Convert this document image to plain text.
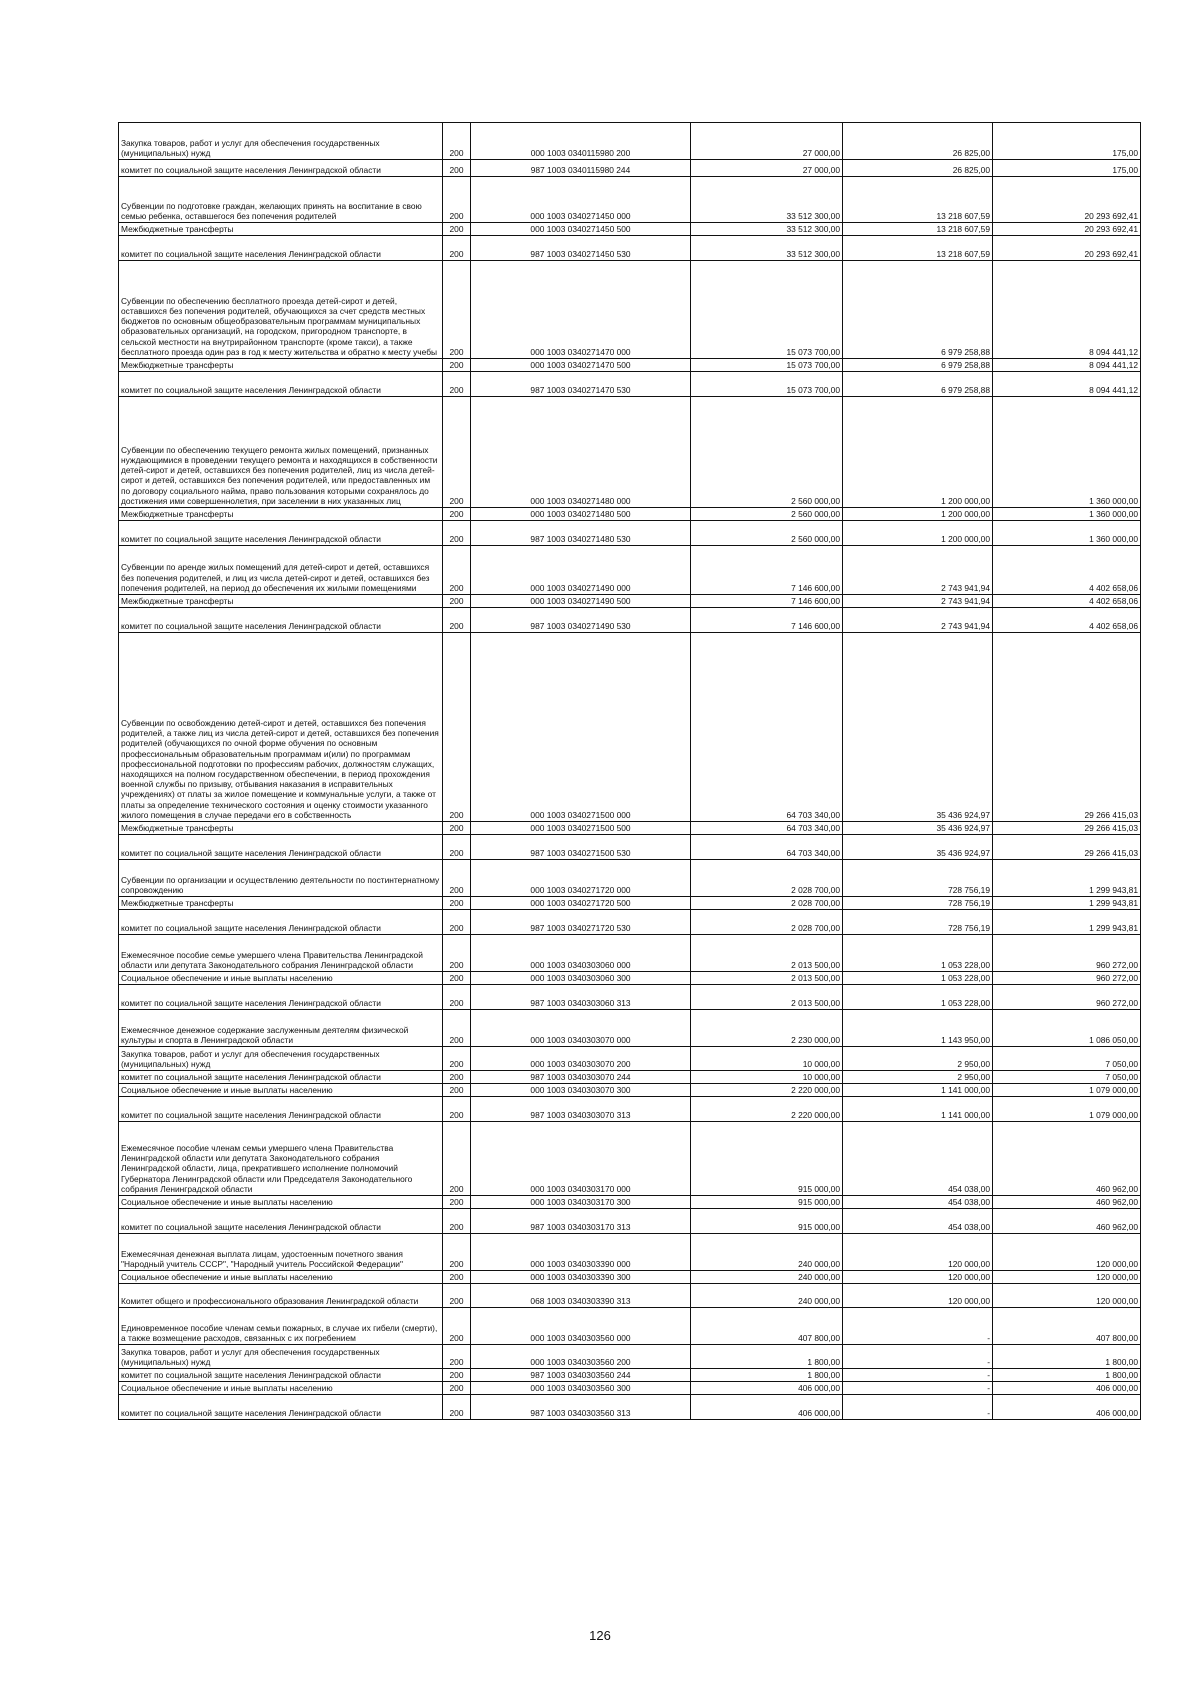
Закупка товаров, работ и услуг для обеспечения государственных (муниципальных) нужд	200	000 1003 0340115980 200	27 000,00	26 825,00	175,00
комитет по социальной защите населения Ленинградской области	200	987 1003 0340115980 244	27 000,00	26 825,00	175,00
Субвенции по подготовке граждан, желающих принять на воспитание в свою семью ребенка, оставшегося без попечения родителей	200	000 1003 0340271450 000	33 512 300,00	13 218 607,59	20 293 692,41
Межбюджетные трансферты	200	000 1003 0340271450 500	33 512 300,00	13 218 607,59	20 293 692,41
комитет по социальной защите населения Ленинградской области	200	987 1003 0340271450 530	33 512 300,00	13 218 607,59	20 293 692,41
Субвенции по обеспечению бесплатного проезда детей-сирот и детей, оставшихся без попечения родителей, обучающихся за счет средств местных бюджетов по основным общеобразовательным программам муниципальных образовательных организаций, на городском, пригородном транспорте, в сельской местности на внутрирайонном транспорте (кроме такси), а также бесплатного проезда один раз в год к месту жительства и обратно к месту учебы	200	000 1003 0340271470 000	15 073 700,00	6 979 258,88	8 094 441,12
Межбюджетные трансферты	200	000 1003 0340271470 500	15 073 700,00	6 979 258,88	8 094 441,12
комитет по социальной защите населения Ленинградской области	200	987 1003 0340271470 530	15 073 700,00	6 979 258,88	8 094 441,12
Субвенции по обеспечению текущего ремонта жилых помещений, признанных нуждающимися в проведении текущего ремонта и находящихся в собственности детей-сирот и детей, оставшихся без попечения родителей, лиц из числа детей-сирот и детей, оставшихся без попечения родителей, или предоставленных им по договору социального найма, право пользования которыми сохранялось до достижения ими совершеннолетия, при заселении в них указанных лиц	200	000 1003 0340271480 000	2 560 000,00	1 200 000,00	1 360 000,00
Межбюджетные трансферты	200	000 1003 0340271480 500	2 560 000,00	1 200 000,00	1 360 000,00
комитет по социальной защите населения Ленинградской области	200	987 1003 0340271480 530	2 560 000,00	1 200 000,00	1 360 000,00
Субвенции по аренде жилых помещений для детей-сирот и детей, оставшихся без попечения родителей, и лиц из числа детей-сирот и детей, оставшихся без попечения родителей, на период до обеспечения их жилыми помещениями	200	000 1003 0340271490 000	7 146 600,00	2 743 941,94	4 402 658,06
Межбюджетные трансферты	200	000 1003 0340271490 500	7 146 600,00	2 743 941,94	4 402 658,06
комитет по социальной защите населения Ленинградской области	200	987 1003 0340271490 530	7 146 600,00	2 743 941,94	4 402 658,06
Субвенции по освобождению детей-сирот и детей, оставшихся без попечения родителей, а также лиц из числа детей-сирот и детей, оставшихся без попечения родителей (обучающихся по очной форме обучения по основным профессиональным образовательным программам и(или) по программам профессиональной подготовки по профессиям рабочих, должностям служащих, находящихся на полном государственном обеспечении, в период прохождения военной службы по призыву, отбывания наказания в исправительных учреждениях) от платы за жилое помещение и коммунальные услуги, а также от платы за определение технического состояния и оценку стоимости указанного жилого помещения в случае передачи его в собственность	200	000 1003 0340271500 000	64 703 340,00	35 436 924,97	29 266 415,03
Межбюджетные трансферты	200	000 1003 0340271500 500	64 703 340,00	35 436 924,97	29 266 415,03
комитет по социальной защите населения Ленинградской области	200	987 1003 0340271500 530	64 703 340,00	35 436 924,97	29 266 415,03
Субвенции по организации и осуществлению деятельности по постинтернатному сопровождению	200	000 1003 0340271720 000	2 028 700,00	728 756,19	1 299 943,81
Межбюджетные трансферты	200	000 1003 0340271720 500	2 028 700,00	728 756,19	1 299 943,81
комитет по социальной защите населения Ленинградской области	200	987 1003 0340271720 530	2 028 700,00	728 756,19	1 299 943,81
Ежемесячное пособие семье умершего члена Правительства Ленинградской области или депутата Законодательного собрания Ленинградской области	200	000 1003 0340303060 000	2 013 500,00	1 053 228,00	960 272,00
Социальное обеспечение и иные выплаты населению	200	000 1003 0340303060 300	2 013 500,00	1 053 228,00	960 272,00
комитет по социальной защите населения Ленинградской области	200	987 1003 0340303060 313	2 013 500,00	1 053 228,00	960 272,00
Ежемесячное денежное содержание заслуженным деятелям физической культуры и спорта в Ленинградской области	200	000 1003 0340303070 000	2 230 000,00	1 143 950,00	1 086 050,00
Закупка товаров, работ и услуг для обеспечения государственных (муниципальных) нужд	200	000 1003 0340303070 200	10 000,00	2 950,00	7 050,00
комитет по социальной защите населения Ленинградской области	200	987 1003 0340303070 244	10 000,00	2 950,00	7 050,00
Социальное обеспечение и иные выплаты населению	200	000 1003 0340303070 300	2 220 000,00	1 141 000,00	1 079 000,00
комитет по социальной защите населения Ленинградской области	200	987 1003 0340303070 313	2 220 000,00	1 141 000,00	1 079 000,00
Ежемесячное пособие членам семьи умершего члена Правительства Ленинградской области или депутата Законодательного собрания Ленинградской области, лица, прекратившего исполнение полномочий Губернатора Ленинградской области или Председателя Законодательного собрания Ленинградской области	200	000 1003 0340303170 000	915 000,00	454 038,00	460 962,00
Социальное обеспечение и иные выплаты населению	200	000 1003 0340303170 300	915 000,00	454 038,00	460 962,00
комитет по социальной защите населения Ленинградской области	200	987 1003 0340303170 313	915 000,00	454 038,00	460 962,00
Ежемесячная денежная выплата лицам, удостоенным почетного звания "Народный учитель СССР", "Народный учитель Российской Федерации"	200	000 1003 0340303390 000	240 000,00	120 000,00	120 000,00
Социальное обеспечение и иные выплаты населению	200	000 1003 0340303390 300	240 000,00	120 000,00	120 000,00
Комитет общего и профессионального образования Ленинградской области	200	068 1003 0340303390 313	240 000,00	120 000,00	120 000,00
Единовременное пособие членам семьи пожарных, в случае их гибели (смерти), а также возмещение расходов, связанных с их погребением	200	000 1003 0340303560 000	407 800,00	-	407 800,00
Закупка товаров, работ и услуг для обеспечения государственных (муниципальных) нужд	200	000 1003 0340303560 200	1 800,00	-	1 800,00
комитет по социальной защите населения Ленинградской области	200	987 1003 0340303560 244	1 800,00	-	1 800,00
Социальное обеспечение и иные выплаты населению	200	000 1003 0340303560 300	406 000,00	-	406 000,00
комитет по социальной защите населения Ленинградской области	200	987 1003 0340303560 313	406 000,00	-	406 000,00
126
